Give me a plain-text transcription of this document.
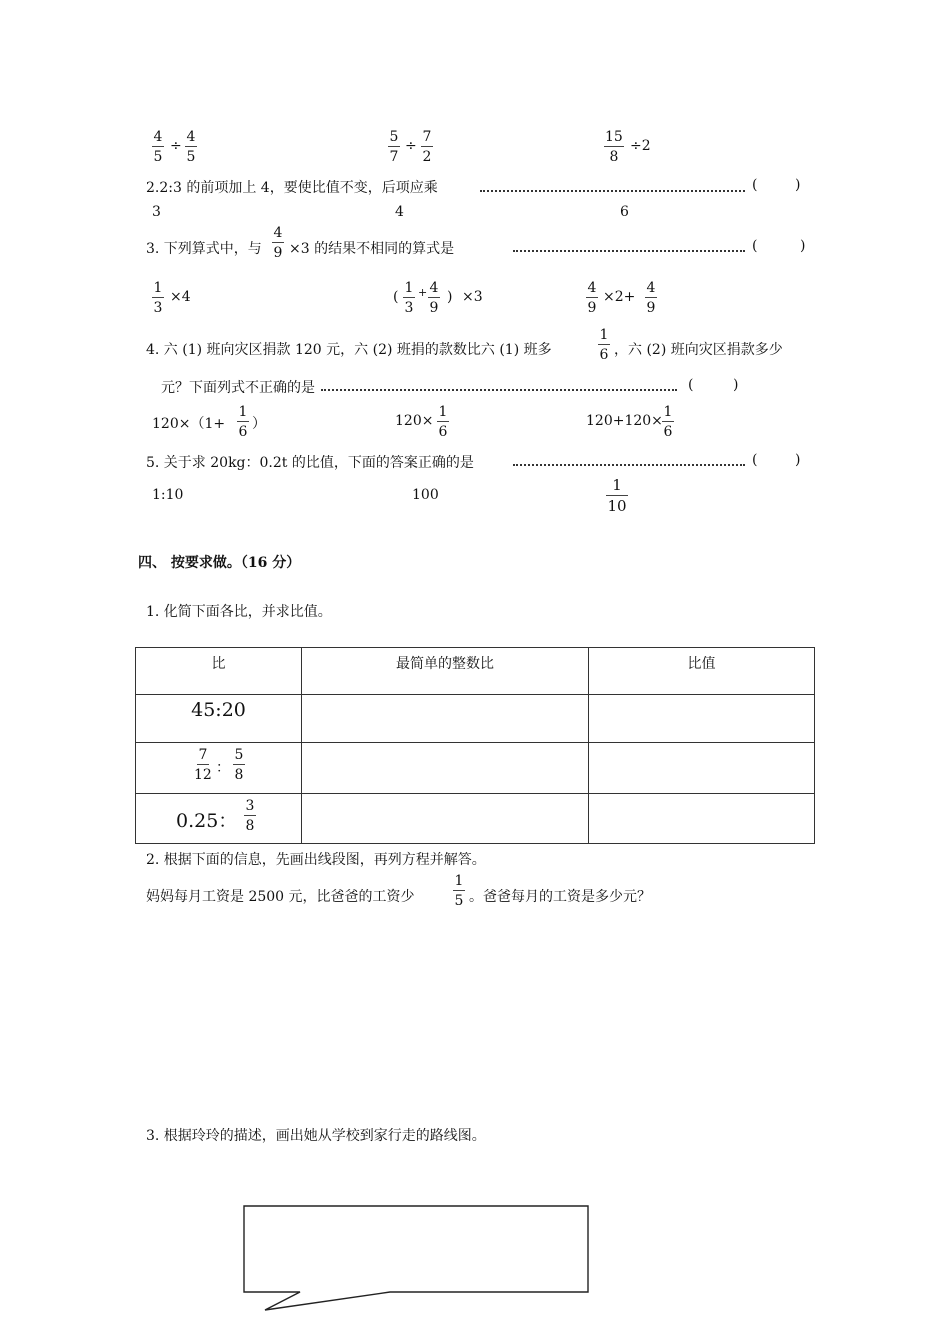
$\frac{4}{5} \div \frac{4}{5}$	$\frac{5}{7} \div \frac{7}{2}$	$\frac{15}{8} \div 2$
2.2:3 的前项加上 4，要使比值不变，后项应乘	(	)
3	4	6
3. 下列算式中，与 $\frac{4}{9} \times 3$ 的结果不相同的算式是	(	)
$\frac{1}{3} \times 4$	( $\frac{1}{3} + \frac{4}{9}$ ) ×3	$\frac{4}{9} \times 2+ \frac{4}{9}$
4. 六 (1) 班向灾区捐款 120 元，六 (2) 班捐的款数比六 (1) 班多	$\frac{1}{6}$ ，六 (2) 班向灾区捐款多少
元？下面列式不正确的是	(	)
$120\times(1+ \frac{1}{6}$ ）	$120\times \frac{1}{6}$	$120+120\times \frac{1}{6}$
5. 关于求 20kg：0.2t 的比值，下面的答案正确的是	(	)
1:10	100	$\frac{1}{10}$
四、 按要求做。（16 分）
1. 化简下面各比，并求比值。
比	最简单的整数比	比值
45:20		

$\frac{7}{12}$ ： $\frac{5}{8}$

0.25： $\frac{3}{8}$

2. 根据下面的信息，先画出线段图，再列方程并解答。
妈妈每月工资是 2500 元，比爸爸的工资少	$\frac{1}{5}$ 。爸爸每月的工资是多少元？
3. 根据玲玲的描述，画出她从学校到家行走的路线图。
